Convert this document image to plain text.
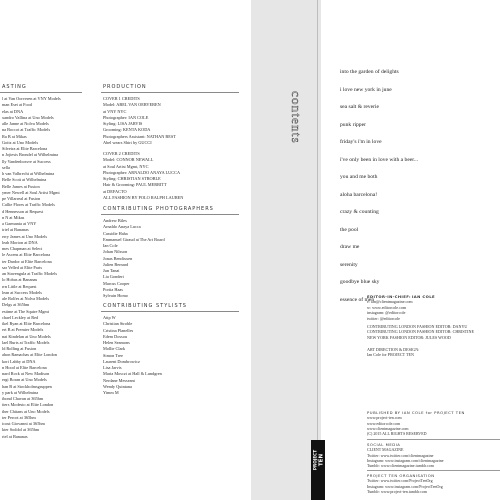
ASTING
l at Van Oorveren at VNY Models
man Eset at Food
elas at DNA
xandro Vallina at Uno Models
alle Janne at Nolva Models
na Boccot at Traffic Models
Ra B at Mikas
Goitz at Uno Models
Silveira at Elite Barcelona
n Jojiesis Brondel at Wilhelmina
lly Vandenbosvre at Success
sella
h van Valbrecht at Wilhelmina
Belle Scott at Wilhelmina
Belle James at Fusion
ymer Newell at Soul Artist Mgmt
pe Villarreal at Fusion
Callie Flores at Traffic Models
d Hennesson at Request
n N at Mikas
a Garmania at VNY
iriel at Bananas
erry James at Uno Models
leah Morton at DNA
mes Chapman at Select
le Ascens at Elite Barcelona
ter Dardor at Elite Barcelona
sar Velled at Elite Paris
an Stavengula at Traffic Models
lo Hobas at Bananas
rrn Little at Request
lean at Success Models
ale Rolfes at Nolva Models
Delgs at 365hm
estime at The Squire Mgmt
chael Leckley at Red
ikel Ryan at Elite Barcelona
ert B at Premier Models
nai Kindelan at Uno Models
lael Burts at Traffic Models
ld Rolling at Fusion
ahon Ramachas at Elite London
kori Labby at DNA
n Hood at Elite Barcelona
nard Rock at New Madison
ergi Boran at Uno Models
han B at Stockholmsgruppen
y park at Wilhelmina
ibond Chavan at 365hm
iters Modesto at Elite London
ther Chitans at Uno Models
ter Percot at 365hm
icout Giovanni at 365hm
kter Soddol at 365hm
riel at Bananas
PRODUCTION
COVER 1 CREDITS
Model: ABEL VAN OERVEREN
at VNY NYC
Photographer: IAN COLE
Styling: LISA JARVIS
Grooming: KENTA KODA
Photographers Assistant: NATHAN BEST
Abel wears Shirt by GUCCI
COVER 2 CREDITS
Model: CONNOR NEWALL
at Soul Artist Mgmt, NYC
Photographer: ARNALDO ANAYA LUCCA
Styling: CHRISTIAN STROBLE
Hair & Grooming: PAUL MERRITT
at DEFACTO
ALL FASHION BY POLO RALPH LAUREN
CONTRIBUTING PHOTOGRAPHERS
Andrew Biles
Arnaldo Anaya Lucca
Cassidie Haha
Emmanuel Giraud at The Art Board
Ian Cole
Johan Nilsson
Jonas Bendixxen
Julien Bernard
Jun Tanai
Lia Gondert
Marcus Cooper
Portia Haas
Sylvain Homo
CONTRIBUTING STYLISTS
Atip W
Christian Stroble
Cristina Planelles
Edem Dossou
Helen Seamons
Mollie Clark
Simon Tree
Laurent Dombrowicz
Lisa Jarvis
Maria Mosczi at Hall & Lundgren
Nerdane Messeant
Wendy Quintana
Yimm M
contents
into the garden of delights
i love new york in june
sea salt & reverie
punk ripper
friday's i'm in love
i've only been in love with a beer...
you and me both
aloha barcelona!
crazy & counting
the pool
draw me
serenity
goodbye blue sky
essence of men
EDITOR-IN-CHIEF: IAN COLE
e: ian@clientmagazine.com
w: www.editorcole.com
instagram: @editorcole
twitter: @editorcole
CONTRIBUTING LONDON FASHION EDITOR: DANYU
CONTRIBUTING LONDON FASHION EDITOR: CHRISTINE
NEW YORK FASHION EDITOR: JULES WOOD
ART DIRECTION & DESIGN:
Ian Cole for PROJECT TEN
PUBLISHED BY IAN COLE for PROJECT TEN
www.project-ten.com
www.editorcole.com
www.clientmagazine.com
(C) 2015 ALL RIGHTS RESERVED
SOCIAL MEDIA
CLIENT MAGAZINE
Twitter: www.twitter.com/clientmagazine
Instagram: www.instagram.com/clientmagazine
Tumblr: www.clientmagazine.tumblr.com
PROJECT TEN ORGANISATION
Twitter: www.twitter.com/ProjectTenOrg
Instagram: www.instagram.com/ProjectTenOrg
Tumblr: www.project-ten.tumblr.com
PROJECT TEN
